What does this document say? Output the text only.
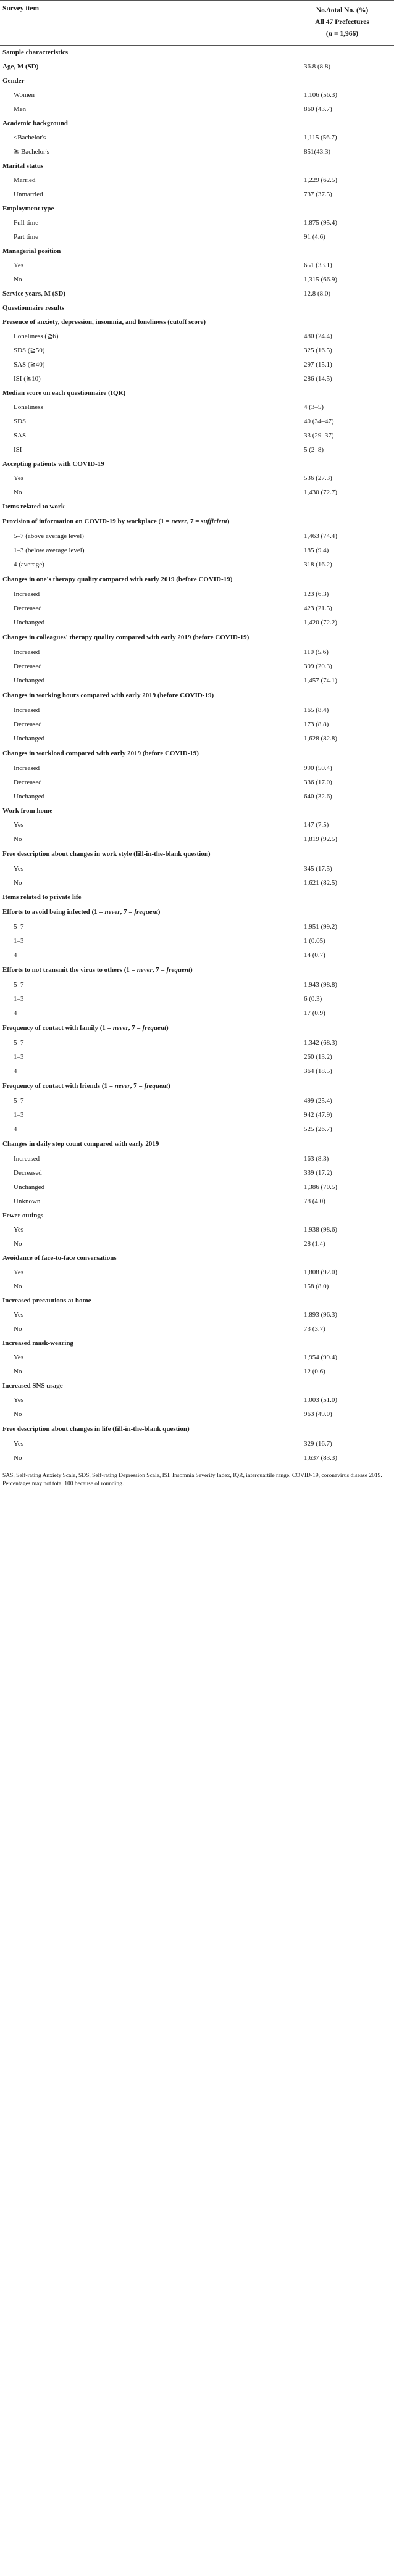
Survey item	No./total No. (%)
All 47 Prefectures
(n = 1,966)

Sample characteristics	
Age, M (SD)	36.8 (8.8)
Gender	
Women	1,106 (56.3)
Men	860 (43.7)
Academic background	
<Bachelor's	1,115 (56.7)
≧ Bachelor's	851(43.3)
Marital status	
Married	1,229 (62.5)
Unmarried	737 (37.5)
Employment type	
Full time	1,875 (95.4)
Part time	91 (4.6)
Managerial position	
Yes	651 (33.1)
No	1,315 (66.9)
Service years, M (SD)	12.8 (8.0)
Questionnaire results	
Presence of anxiety, depression, insomnia, and loneliness (cutoff score)	
Loneliness (≧6)	480 (24.4)
SDS (≧50)	325 (16.5)
SAS (≧40)	297 (15.1)
ISI (≧10)	286 (14.5)
Median score on each questionnaire (IQR)	
Loneliness	4 (3–5)
SDS	40 (34–47)
SAS	33 (29–37)
ISI	5 (2–8)
Accepting patients with COVID-19	
Yes	536 (27.3)
No	1,430 (72.7)
Items related to work	
Provision of information on COVID-19 by workplace (1 = never, 7 = sufficient)	
5–7 (above average level)	1,463 (74.4)
1–3 (below average level)	185 (9.4)
4 (average)	318 (16.2)
Changes in one's therapy quality compared with early 2019 (before COVID-19)	
Increased	123 (6.3)
Decreased	423 (21.5)
Unchanged	1,420 (72.2)
Changes in colleagues' therapy quality compared with early 2019 (before COVID-19)	
Increased	110 (5.6)
Decreased	399 (20.3)
Unchanged	1,457 (74.1)
Changes in working hours compared with early 2019 (before COVID-19)	
Increased	165 (8.4)
Decreased	173 (8.8)
Unchanged	1,628 (82.8)
Changes in workload compared with early 2019 (before COVID-19)	
Increased	990 (50.4)
Decreased	336 (17.0)
Unchanged	640 (32.6)
Work from home	
Yes	147 (7.5)
No	1,819 (92.5)
Free description about changes in work style (fill-in-the-blank question)	
Yes	345 (17.5)
No	1,621 (82.5)
Items related to private life	
Efforts to avoid being infected (1 = never, 7 = frequent)	
5–7	1,951 (99.2)
1–3	1 (0.05)
4	14 (0.7)
Efforts to not transmit the virus to others (1 = never, 7 = frequent)	
5–7	1,943 (98.8)
1–3	6 (0.3)
4	17 (0.9)
Frequency of contact with family (1 = never, 7 = frequent)	
5–7	1,342 (68.3)
1–3	260 (13.2)
4	364 (18.5)
Frequency of contact with friends (1 = never, 7 = frequent)	
5–7	499 (25.4)
1–3	942 (47.9)
4	525 (26.7)
Changes in daily step count compared with early 2019	
Increased	163 (8.3)
Decreased	339 (17.2)
Unchanged	1,386 (70.5)
Unknown	78 (4.0)
Fewer outings	
Yes	1,938 (98.6)
No	28 (1.4)
Avoidance of face-to-face conversations	
Yes	1,808 (92.0)
No	158 (8.0)
Increased precautions at home	
Yes	1,893 (96.3)
No	73 (3.7)
Increased mask-wearing	
Yes	1,954 (99.4)
No	12 (0.6)
Increased SNS usage	
Yes	1,003 (51.0)
No	963 (49.0)
Free description about changes in life (fill-in-the-blank question)	
Yes	329 (16.7)
No	1,637 (83.3)
SAS, Self-rating Anxiety Scale, SDS, Self-rating Depression Scale, ISI, Insomnia Severity Index, IQR, interquartile range, COVID-19, coronavirus disease 2019. Percentages may not total 100 because of rounding.
